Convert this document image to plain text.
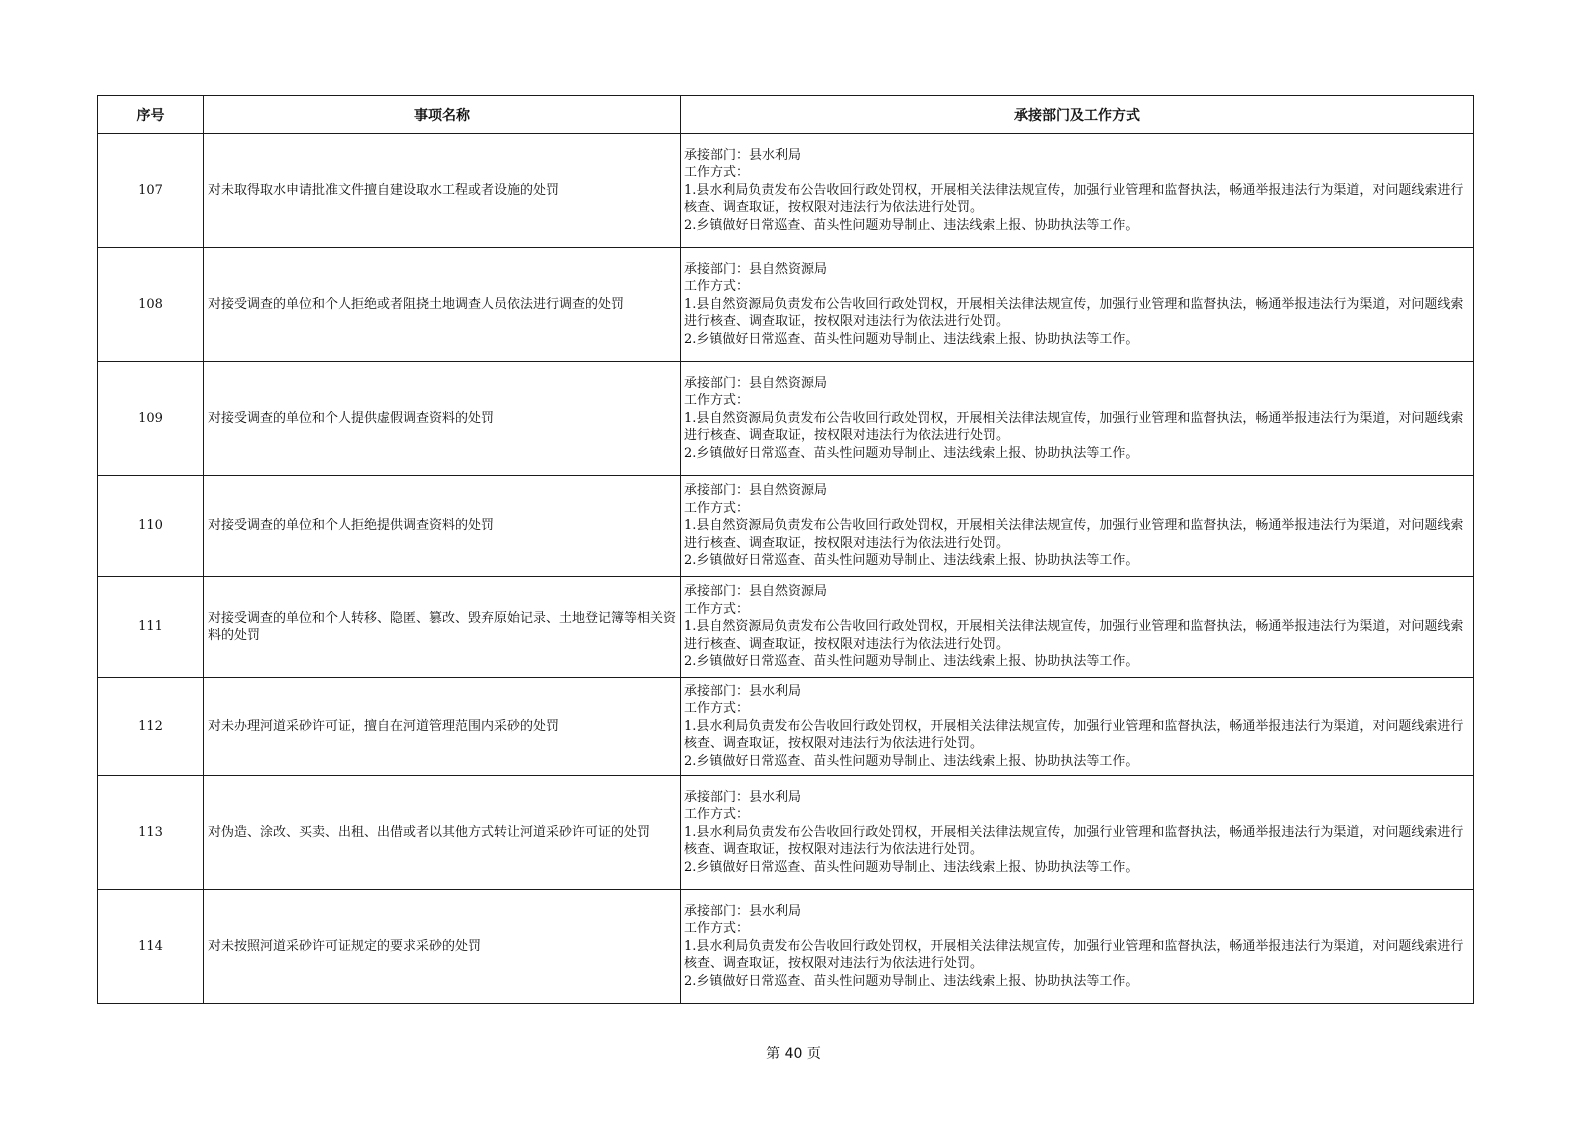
序号	事项名称	承接部门及工作方式
107	对未取得取水申请批准文件擅自建设取水工程或者设施的处罚	承接部门：县水利局
工作方式：
1.县水利局负责发布公告收回行政处罚权，开展相关法律法规宣传，加强行业管理和监督执法，畅通举报违法行为渠道，对问题线索进行核查、调查取证，按权限对违法行为依法进行处罚。
2.乡镇做好日常巡查、苗头性问题劝导制止、违法线索上报、协助执法等工作。

108	对接受调查的单位和个人拒绝或者阻挠土地调查人员依法进行调查的处罚	承接部门：县自然资源局
工作方式：
1.县自然资源局负责发布公告收回行政处罚权，开展相关法律法规宣传，加强行业管理和监督执法，畅通举报违法行为渠道，对问题线索进行核查、调查取证，按权限对违法行为依法进行处罚。
2.乡镇做好日常巡查、苗头性问题劝导制止、违法线索上报、协助执法等工作。

109	对接受调查的单位和个人提供虚假调查资料的处罚	承接部门：县自然资源局
工作方式：
1.县自然资源局负责发布公告收回行政处罚权，开展相关法律法规宣传，加强行业管理和监督执法，畅通举报违法行为渠道，对问题线索进行核查、调查取证，按权限对违法行为依法进行处罚。
2.乡镇做好日常巡查、苗头性问题劝导制止、违法线索上报、协助执法等工作。

110	对接受调查的单位和个人拒绝提供调查资料的处罚	承接部门：县自然资源局
工作方式：
1.县自然资源局负责发布公告收回行政处罚权，开展相关法律法规宣传，加强行业管理和监督执法，畅通举报违法行为渠道，对问题线索进行核查、调查取证，按权限对违法行为依法进行处罚。
2.乡镇做好日常巡查、苗头性问题劝导制止、违法线索上报、协助执法等工作。

111	对接受调查的单位和个人转移、隐匿、篡改、毁弃原始记录、土地登记簿等相关资料的处罚	承接部门：县自然资源局
工作方式：
1.县自然资源局负责发布公告收回行政处罚权，开展相关法律法规宣传，加强行业管理和监督执法，畅通举报违法行为渠道，对问题线索进行核查、调查取证，按权限对违法行为依法进行处罚。
2.乡镇做好日常巡查、苗头性问题劝导制止、违法线索上报、协助执法等工作。

112	对未办理河道采砂许可证，擅自在河道管理范围内采砂的处罚	承接部门：县水利局
工作方式：
1.县水利局负责发布公告收回行政处罚权，开展相关法律法规宣传，加强行业管理和监督执法，畅通举报违法行为渠道，对问题线索进行核查、调查取证，按权限对违法行为依法进行处罚。
2.乡镇做好日常巡查、苗头性问题劝导制止、违法线索上报、协助执法等工作。

113	对伪造、涂改、买卖、出租、出借或者以其他方式转让河道采砂许可证的处罚	承接部门：县水利局
工作方式：
1.县水利局负责发布公告收回行政处罚权，开展相关法律法规宣传，加强行业管理和监督执法，畅通举报违法行为渠道，对问题线索进行核查、调查取证，按权限对违法行为依法进行处罚。
2.乡镇做好日常巡查、苗头性问题劝导制止、违法线索上报、协助执法等工作。

114	对未按照河道采砂许可证规定的要求采砂的处罚	承接部门：县水利局
工作方式：
1.县水利局负责发布公告收回行政处罚权，开展相关法律法规宣传，加强行业管理和监督执法，畅通举报违法行为渠道，对问题线索进行核查、调查取证，按权限对违法行为依法进行处罚。
2.乡镇做好日常巡查、苗头性问题劝导制止、违法线索上报、协助执法等工作。
第 40 页
